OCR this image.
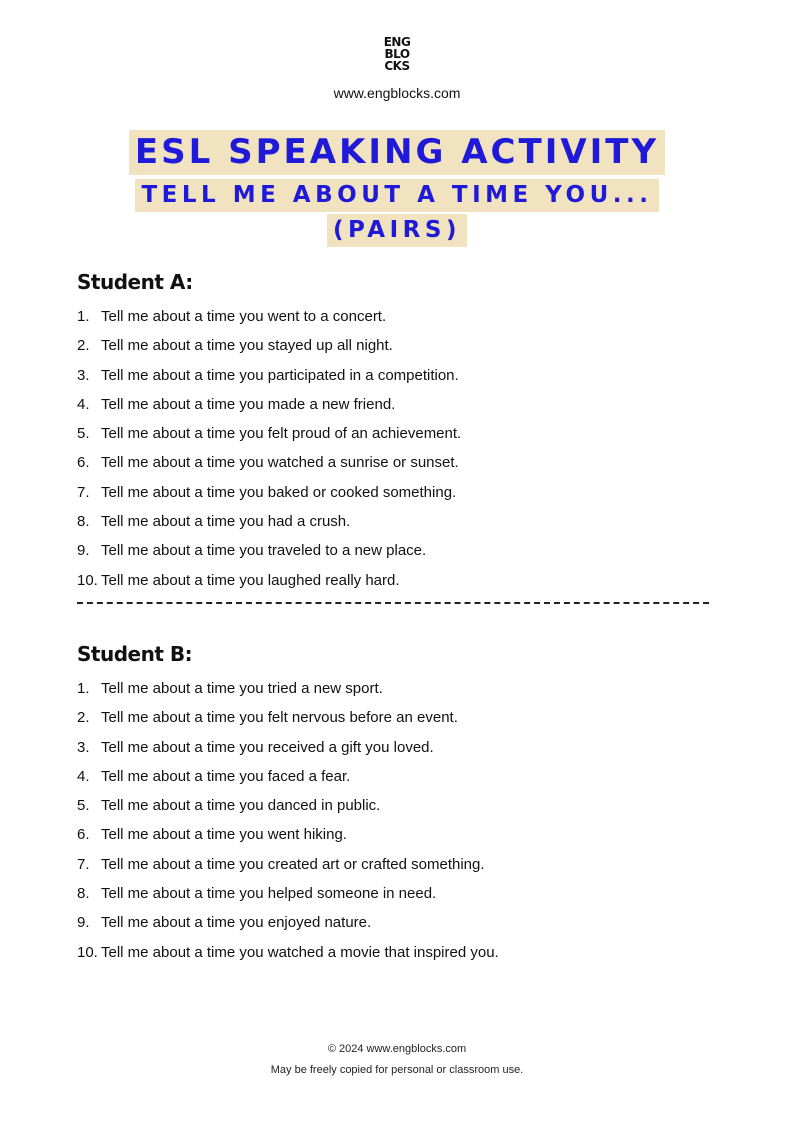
ENG
BLO
CKS
www.engblocks.com
ESL SPEAKING ACTIVITY
TELL ME ABOUT A TIME YOU...
(PAIRS)
Student A:
1. Tell me about a time you went to a concert.
2. Tell me about a time you stayed up all night.
3. Tell me about a time you participated in a competition.
4. Tell me about a time you made a new friend.
5. Tell me about a time you felt proud of an achievement.
6. Tell me about a time you watched a sunrise or sunset.
7. Tell me about a time you baked or cooked something.
8. Tell me about a time you had a crush.
9. Tell me about a time you traveled to a new place.
10. Tell me about a time you laughed really hard.
Student B:
1. Tell me about a time you tried a new sport.
2. Tell me about a time you felt nervous before an event.
3. Tell me about a time you received a gift you loved.
4. Tell me about a time you faced a fear.
5. Tell me about a time you danced in public.
6. Tell me about a time you went hiking.
7. Tell me about a time you created art or crafted something.
8. Tell me about a time you helped someone in need.
9. Tell me about a time you enjoyed nature.
10. Tell me about a time you watched a movie that inspired you.
© 2024 www.engblocks.com
May be freely copied for personal or classroom use.
